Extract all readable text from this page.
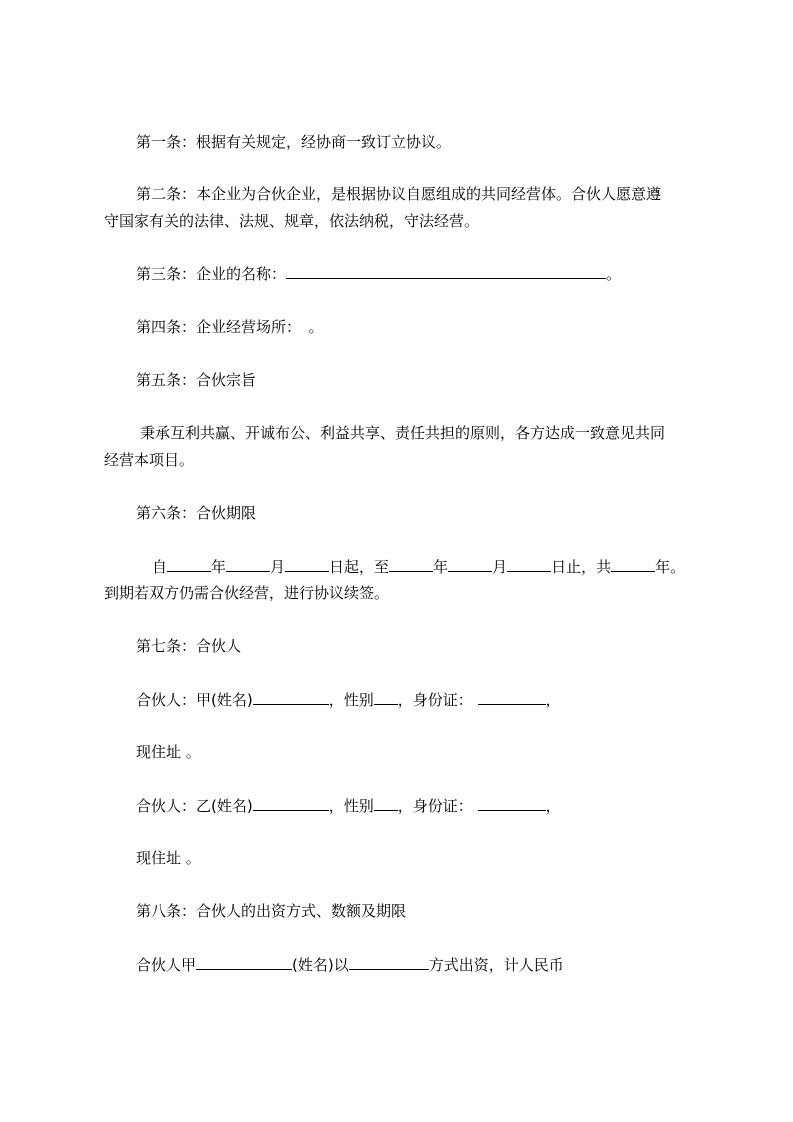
第一条：根据有关规定，经协商一致订立协议。
第二条：本企业为合伙企业，是根据协议自愿组成的共同经营体。合伙人愿意遵
守国家有关的法律、法规、规章，依法纳税，守法经营。
第三条：企业的名称：	。
第四条：企业经营场所：　。
第五条：合伙宗旨
秉承互利共赢、开诚布公、利益共享、责任共担的原则，各方达成一致意见共同
经营本项目。
第六条：合伙期限
自	年	月	日起，至	年	月	日止，共	年。
到期若双方仍需合伙经营，进行协议续签。
第七条：合伙人
合伙人：甲(姓名)	，性别 ，身份证：	，
现住址 。
合伙人：乙(姓名)	，性别 ，身份证：	，
现住址 。
第八条：合伙人的出资方式、数额及期限
合伙人甲	(姓名)以	方式出资，计人民币
